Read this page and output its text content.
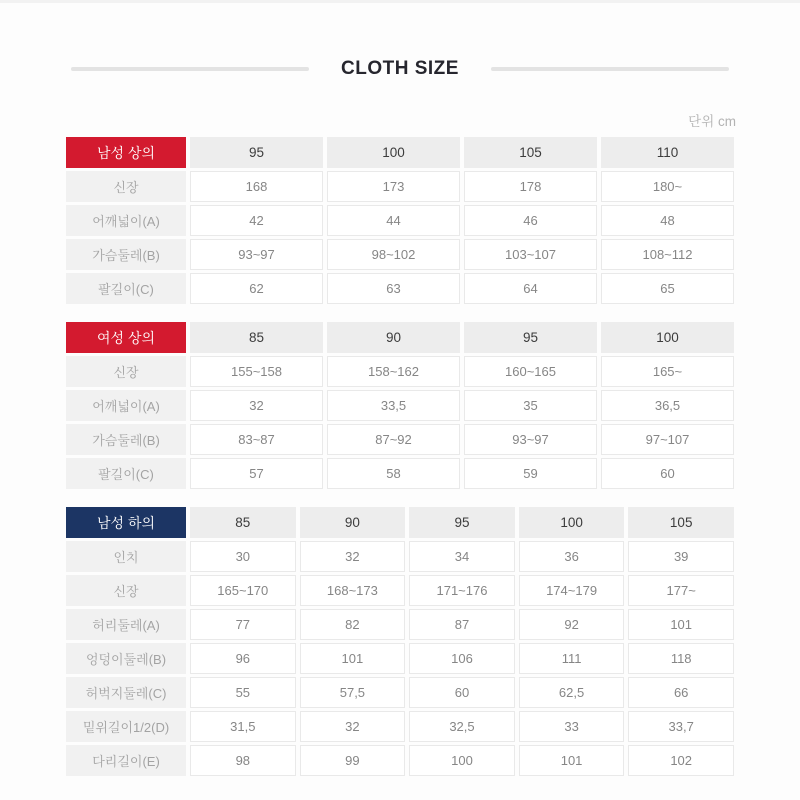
CLOTH SIZE
단위 cm
남성 상의	95	100	105	110
신장	168	173	178	180~
어깨넓이(A)	42	44	46	48
가슴둘레(B)	93~97	98~102	103~107	108~112
팔길이(C)	62	63	64	65
여성 상의	85	90	95	100
신장	155~158	158~162	160~165	165~
어깨넓이(A)	32	33,5	35	36,5
가슴둘레(B)	83~87	87~92	93~97	97~107
팔길이(C)	57	58	59	60
남성 하의	85	90	95	100	105
인치	30	32	34	36	39
신장	165~170	168~173	171~176	174~179	177~
허리둘레(A)	77	82	87	92	101
엉덩이둘레(B)	96	101	106	111	118
허벅지둘레(C)	55	57,5	60	62,5	66
밑위길이1/2(D)	31,5	32	32,5	33	33,7
다리길이(E)	98	99	100	101	102
